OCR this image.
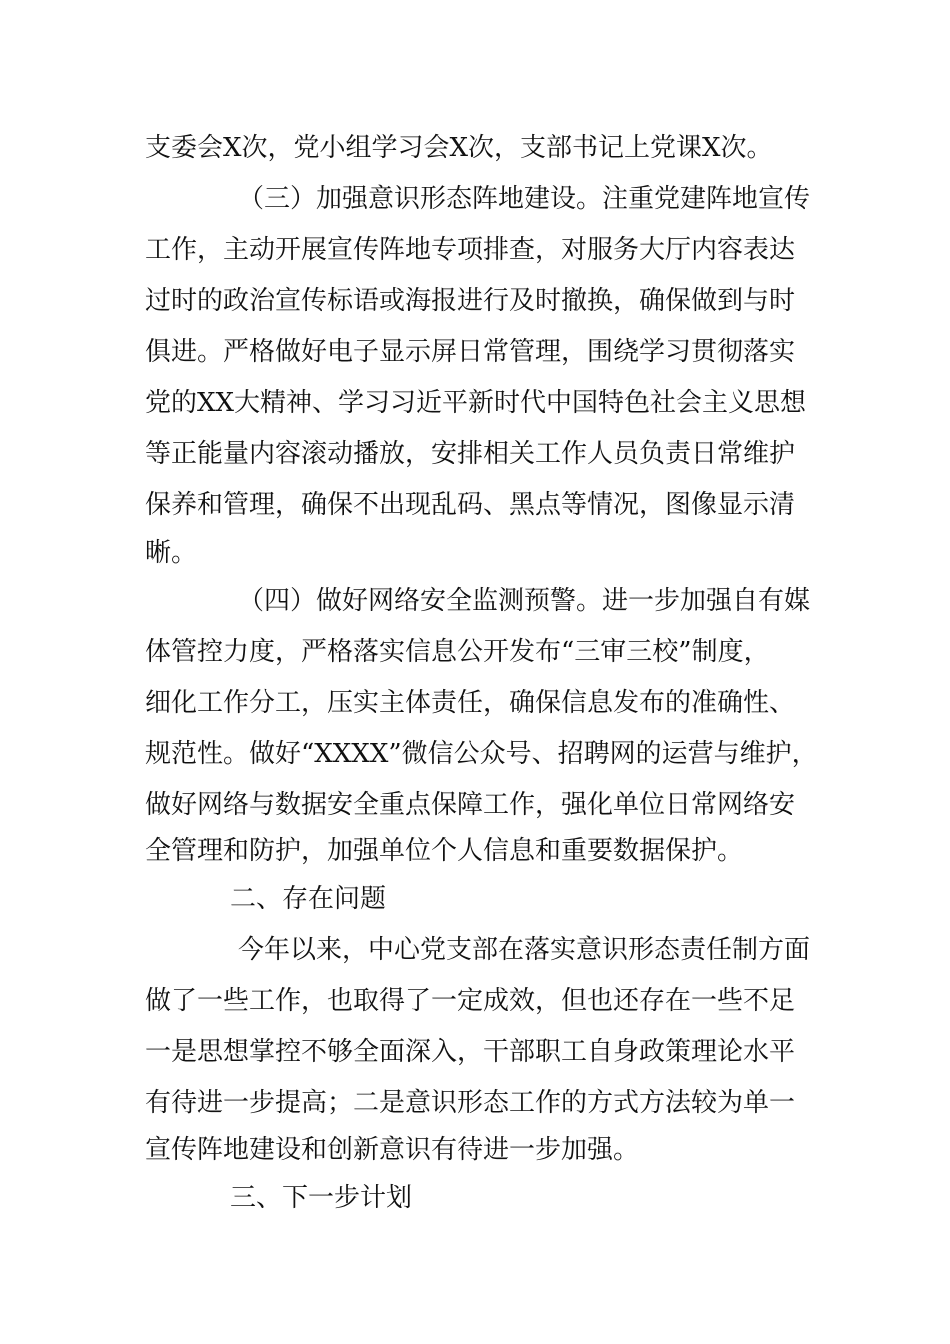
支委会X次，党小组学习会X次，支部书记上党课X次。

（三）加强意识形态阵地建设。注重党建阵地宣传

工作，主动开展宣传阵地专项排查，对服务大厅内容表达

过时的政治宣传标语或海报进行及时撤换，确保做到与时

俱进。严格做好电子显示屏日常管理，围绕学习贯彻落实

党的XX大精神、学习习近平新时代中国特色社会主义思想

等正能量内容滚动播放，安排相关工作人员负责日常维护

保养和管理，确保不出现乱码、黑点等情况，图像显示清

晰。

（四）做好网络安全监测预警。进一步加强自有媒

体管控力度，严格落实信息公开发布“三审三校”制度，

细化工作分工，压实主体责任，确保信息发布的准确性、

规范性。做好“XXXX”微信公众号、招聘网的运营与维护，

做好网络与数据安全重点保障工作，强化单位日常网络安

全管理和防护，加强单位个人信息和重要数据保护。

二、存在问题

今年以来，中心党支部在落实意识形态责任制方面

做了一些工作，也取得了一定成效，但也还存在一些不足

一是思想掌控不够全面深入，干部职工自身政策理论水平

有待进一步提高；二是意识形态工作的方式方法较为单一

宣传阵地建设和创新意识有待进一步加强。

三、下一步计划
